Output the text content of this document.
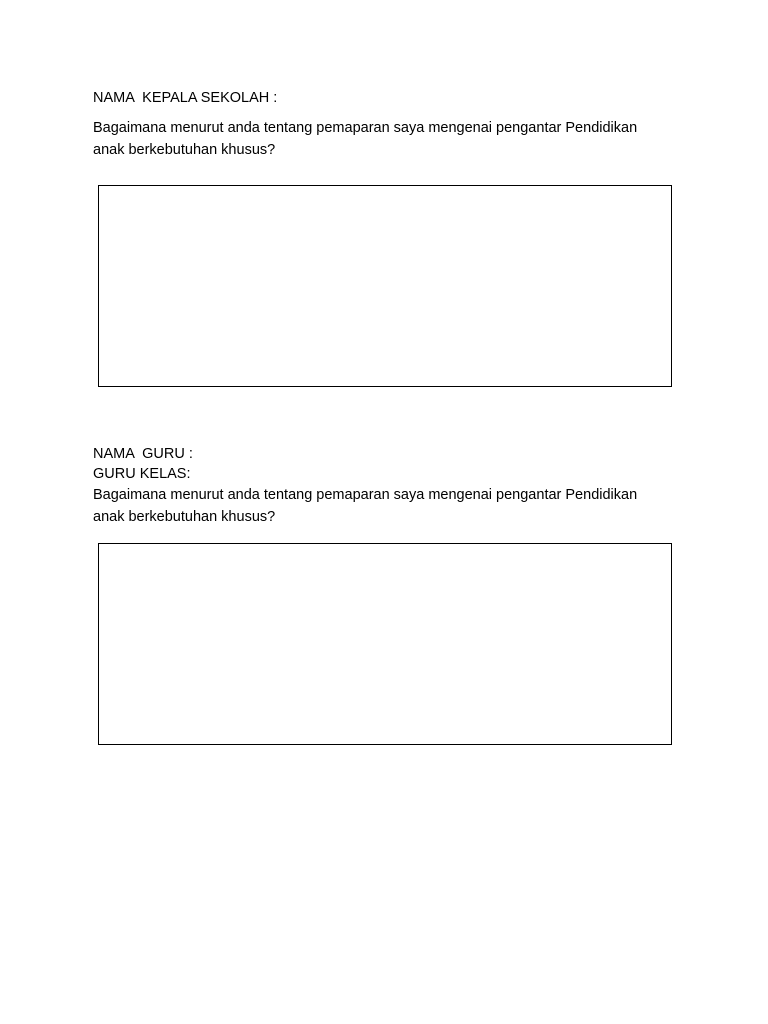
NAMA  KEPALA SEKOLAH :

Bagaimana menurut anda tentang pemaparan saya mengenai pengantar Pendidikan

anak berkebutuhan khusus?

NAMA  GURU :

GURU KELAS:

Bagaimana menurut anda tentang pemaparan saya mengenai pengantar Pendidikan

anak berkebutuhan khusus?
